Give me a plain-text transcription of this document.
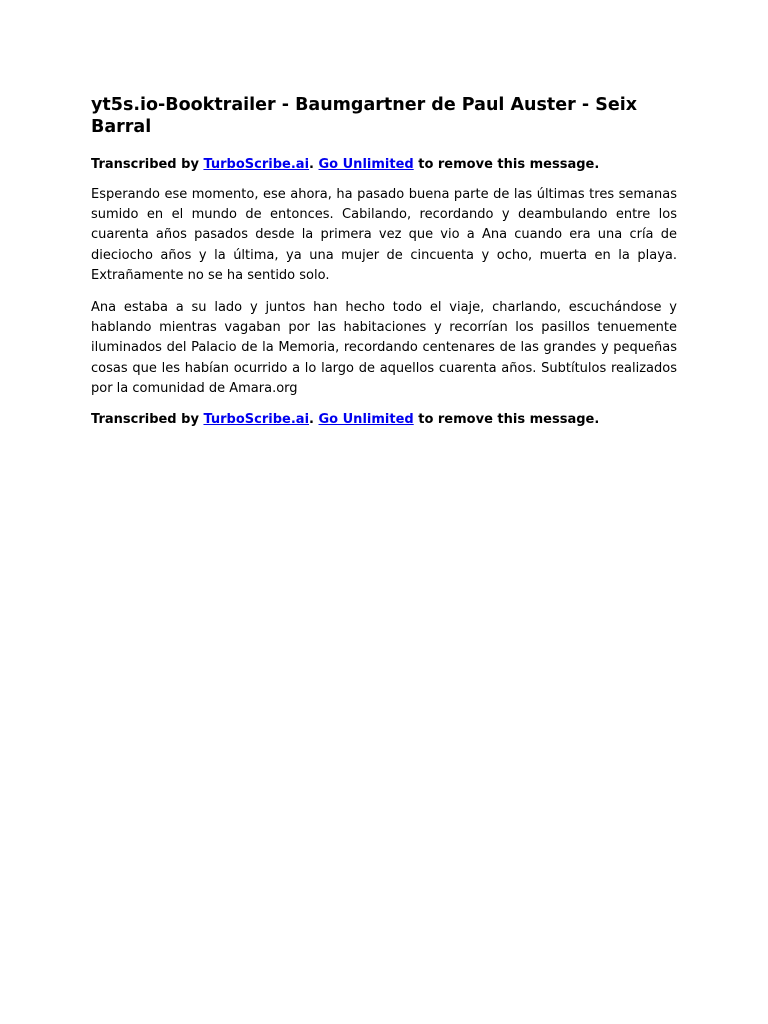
yt5s.io-Booktrailer - Baumgartner de Paul Auster - Seix Barral

Transcribed by TurboScribe.ai. Go Unlimited to remove this message.

Esperando ese momento, ese ahora, ha pasado buena parte de las últimas tres semanas sumido en el mundo de entonces. Cabilando, recordando y deambulando entre los cuarenta años pasados desde la primera vez que vio a Ana cuando era una cría de dieciocho años y la última, ya una mujer de cincuenta y ocho, muerta en la playa. Extrañamente no se ha sentido solo.

Ana estaba a su lado y juntos han hecho todo el viaje, charlando, escuchándose y hablando mientras vagaban por las habitaciones y recorrían los pasillos tenuemente iluminados del Palacio de la Memoria, recordando centenares de las grandes y pequeñas cosas que les habían ocurrido a lo largo de aquellos cuarenta años. Subtítulos realizados por la comunidad de Amara.org

Transcribed by TurboScribe.ai. Go Unlimited to remove this message.
